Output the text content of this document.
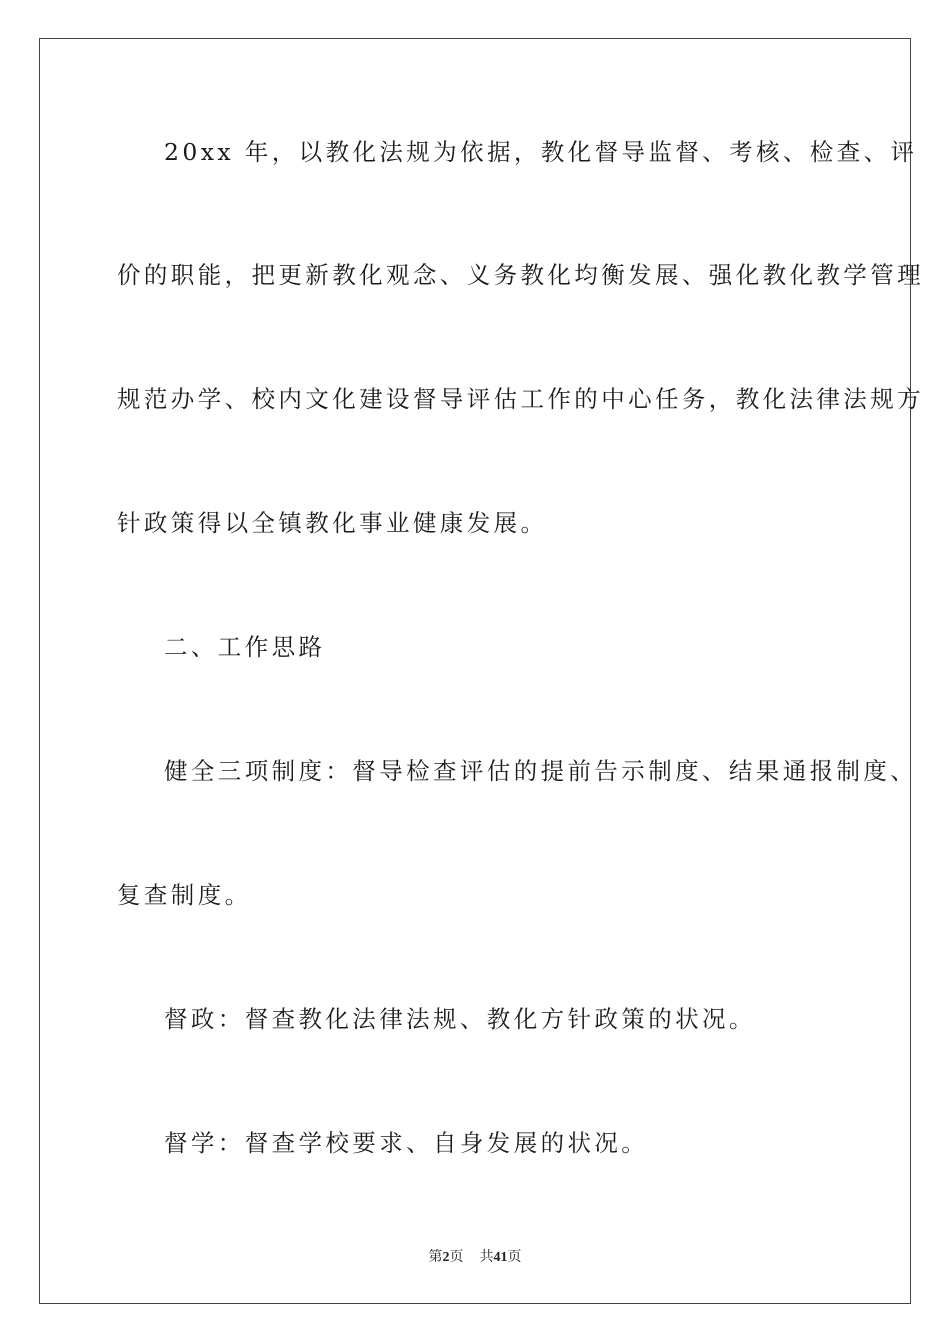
20xx 年，以教化法规为依据，教化督导监督、考核、检查、评

价的职能，把更新教化观念、义务教化均衡发展、强化教化教学管理

规范办学、校内文化建设督导评估工作的中心任务，教化法律法规方

针政策得以全镇教化事业健康发展。

二、工作思路

健全三项制度：督导检查评估的提前告示制度、结果通报制度、

复查制度。

督政：督查教化法律法规、教化方针政策的状况。

督学：督查学校要求、自身发展的状况。

第2页 共41页
